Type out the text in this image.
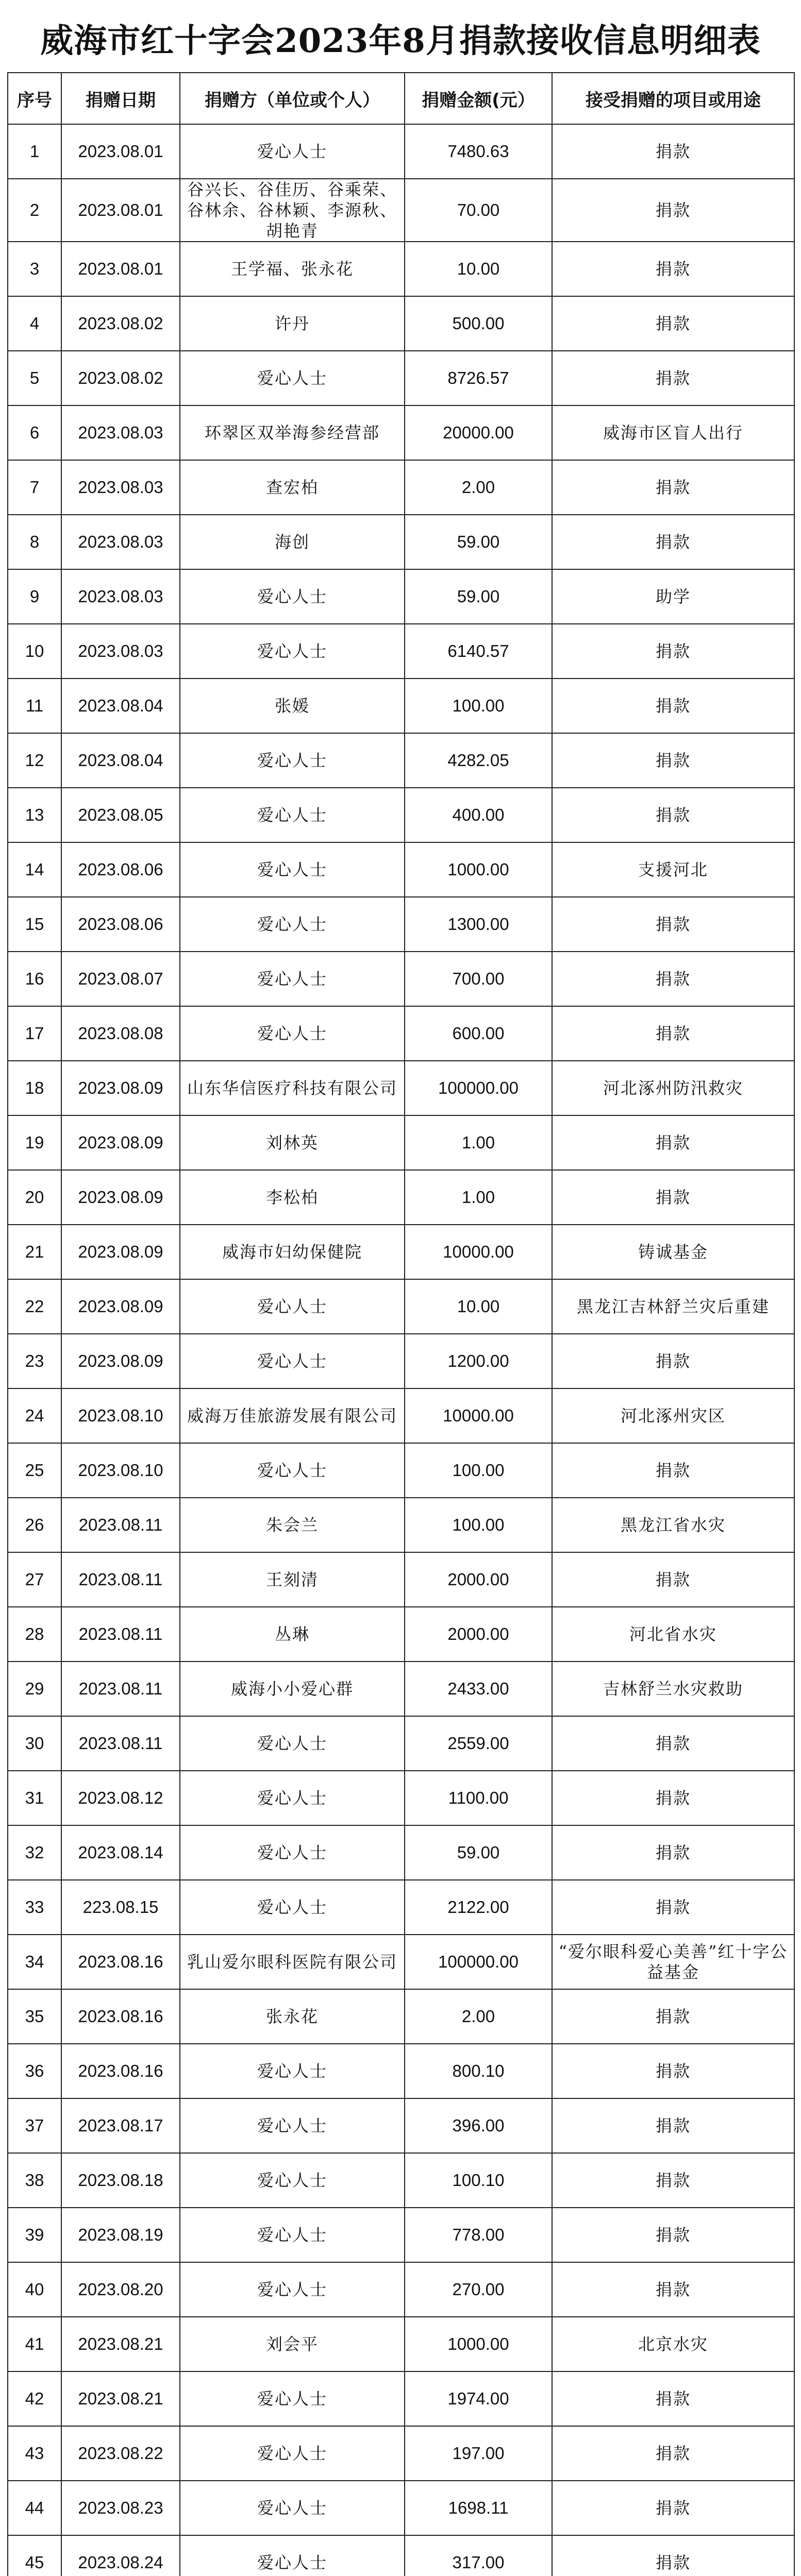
威海市红十字会2023年8月捐款接收信息明细表
序号	捐赠日期	捐赠方（单位或个人）	捐赠金额(元）	接受捐赠的项目或用途
1	2023.08.01	爱心人士	7480.63	捐款
2	2023.08.01	谷兴长、谷佳历、谷乘荣、谷林余、谷林颖、李源秋、胡艳青	70.00	捐款
3	2023.08.01	王学福、张永花	10.00	捐款
4	2023.08.02	许丹	500.00	捐款
5	2023.08.02	爱心人士	8726.57	捐款
6	2023.08.03	环翠区双举海参经营部	20000.00	威海市区盲人出行
7	2023.08.03	查宏柏	2.00	捐款
8	2023.08.03	海创	59.00	捐款
9	2023.08.03	爱心人士	59.00	助学
10	2023.08.03	爱心人士	6140.57	捐款
11	2023.08.04	张媛	100.00	捐款
12	2023.08.04	爱心人士	4282.05	捐款
13	2023.08.05	爱心人士	400.00	捐款
14	2023.08.06	爱心人士	1000.00	支援河北
15	2023.08.06	爱心人士	1300.00	捐款
16	2023.08.07	爱心人士	700.00	捐款
17	2023.08.08	爱心人士	600.00	捐款
18	2023.08.09	山东华信医疗科技有限公司	100000.00	河北涿州防汛救灾
19	2023.08.09	刘林英	1.00	捐款
20	2023.08.09	李松柏	1.00	捐款
21	2023.08.09	威海市妇幼保健院	10000.00	铸诚基金
22	2023.08.09	爱心人士	10.00	黑龙江吉林舒兰灾后重建
23	2023.08.09	爱心人士	1200.00	捐款
24	2023.08.10	威海万佳旅游发展有限公司	10000.00	河北涿州灾区
25	2023.08.10	爱心人士	100.00	捐款
26	2023.08.11	朱会兰	100.00	黑龙江省水灾
27	2023.08.11	王刻清	2000.00	捐款
28	2023.08.11	丛琳	2000.00	河北省水灾
29	2023.08.11	威海小小爱心群	2433.00	吉林舒兰水灾救助
30	2023.08.11	爱心人士	2559.00	捐款
31	2023.08.12	爱心人士	1100.00	捐款
32	2023.08.14	爱心人士	59.00	捐款
33	223.08.15	爱心人士	2122.00	捐款
34	2023.08.16	乳山爱尔眼科医院有限公司	100000.00	“爱尔眼科爱心美善”红十字公益基金
35	2023.08.16	张永花	2.00	捐款
36	2023.08.16	爱心人士	800.10	捐款
37	2023.08.17	爱心人士	396.00	捐款
38	2023.08.18	爱心人士	100.10	捐款
39	2023.08.19	爱心人士	778.00	捐款
40	2023.08.20	爱心人士	270.00	捐款
41	2023.08.21	刘会平	1000.00	北京水灾
42	2023.08.21	爱心人士	1974.00	捐款
43	2023.08.22	爱心人士	197.00	捐款
44	2023.08.23	爱心人士	1698.11	捐款
45	2023.08.24	爱心人士	317.00	捐款
